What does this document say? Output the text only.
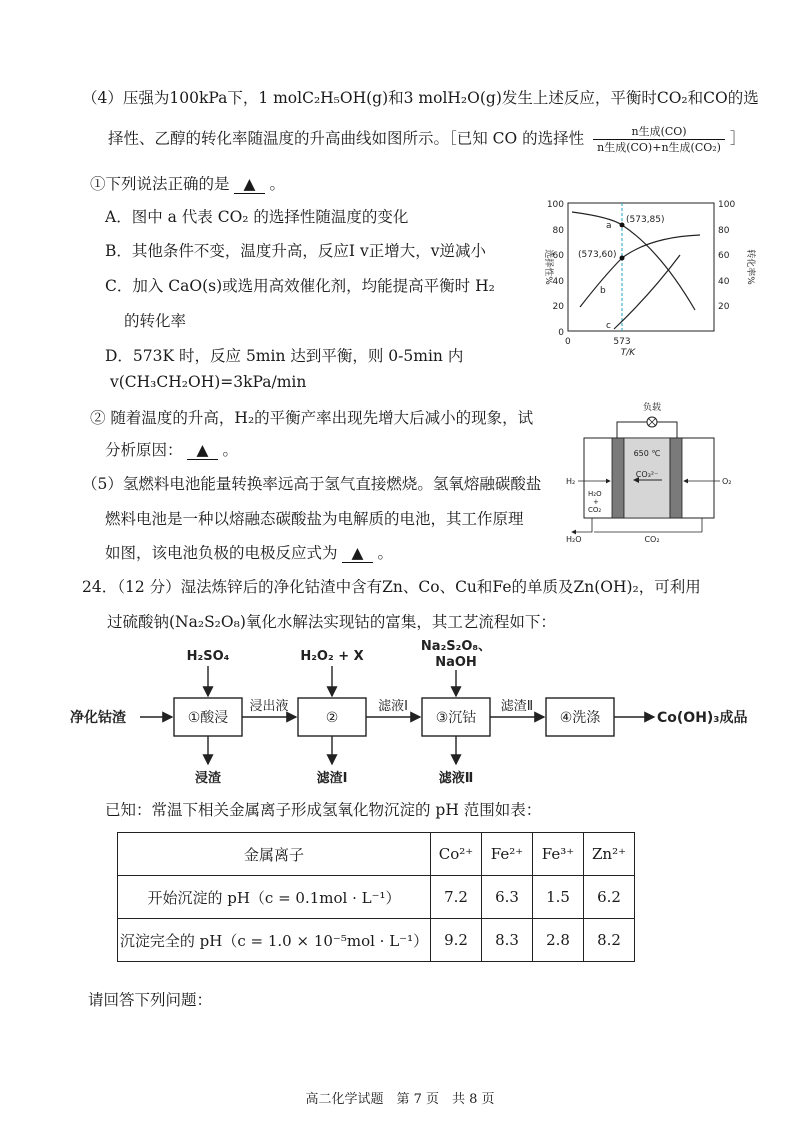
（4）压强为100kPa下，1 molC₂H₅OH(g)和3 molH₂O(g)发生上述反应，平衡时CO₂和CO的选
择性、乙醇的转化率随温度的升高曲线如图所示。［已知 CO 的选择性 $\frac{\text{n生成(CO)}}{\text{n生成(CO)+n生成(CO₂)}}$ ］
①下列说法正确的是 ▲ 。
A．图中 a 代表 CO₂ 的选择性随温度的变化
B．其他条件不变，温度升高，反应Ⅰ v正增大，v逆减小
C．加入 CaO(s)或选用高效催化剂，均能提高平衡时 H₂
的转化率
D．573K 时，反应 5min 达到平衡，则 0-5min 内
v(CH₃CH₂OH)=3kPa/min
② 随着温度的升高，H₂的平衡产率出现先增大后减小的现象，试
分析原因： ▲ 。
（5）氢燃料电池能量转换率远高于氢气直接燃烧。氢氧熔融碳酸盐
燃料电池是一种以熔融态碳酸盐为电解质的电池，其工作原理
如图，该电池负极的电极反应式为 ▲ 。
100
80
60
40
20
0
100
80
60
40
20
选择性%	转化率%
0	573
T/K
a
b
c
(573,85)
(573,60)
负载
650 ℃
CO₃²⁻
H₂
H₂O
+
CO₂
O₂
H₂O	CO₂
24．（12 分）湿法炼锌后的净化钴渣中含有Zn、Co、Cu和Fe的单质及Zn(OH)₂，可利用
过硫酸钠(Na₂S₂O₈)氧化水解法实现钴的富集，其工艺流程如下：
净化钴渣	Co(OH)₃成品
①酸浸
浸出液
②
滤液Ⅰ
③沉钴
滤渣Ⅱ
④洗涤
H₂SO₄	H₂O₂ + X
Na₂S₂O₈、
NaOH
浸渣	滤渣Ⅰ	滤液Ⅱ
已知：常温下相关金属离子形成氢氧化物沉淀的 pH 范围如表：
金属离子	Co²⁺	Fe²⁺	Fe³⁺	Zn²⁺
开始沉淀的 pH（c = 0.1mol · L⁻¹）	7.2	6.3	1.5	6.2
沉淀完全的 pH（c = 1.0 × 10⁻⁵mol · L⁻¹）	9.2	8.3	2.8	8.2
请回答下列问题：
高二化学试题　第 7 页　共 8 页
